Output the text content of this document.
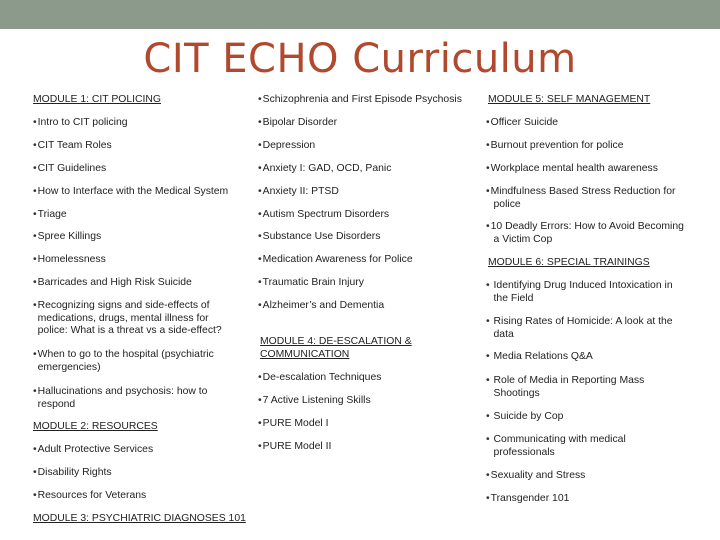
CIT ECHO Curriculum
MODULE 1: CIT POLICING
• Intro to CIT policing
• CIT Team Roles
• CIT Guidelines
• How to Interface with the Medical System
• Triage
• Spree Killings
• Homelessness
• Barricades and High Risk Suicide
• Recognizing signs and side-effects of
medications, drugs, mental illness for
police: What is a threat vs a side-effect?
• When to go to the hospital (psychiatric
emergencies)
• Hallucinations and psychosis: how to
respond
MODULE 2: RESOURCES
• Adult Protective Services
• Disability Rights
• Resources for Veterans
MODULE 3: PSYCHIATRIC DIAGNOSES 101
• Schizophrenia and First Episode Psychosis
• Bipolar Disorder
• Depression
• Anxiety I: GAD, OCD, Panic
• Anxiety II: PTSD
• Autism Spectrum Disorders
• Substance Use Disorders
• Medication Awareness for Police
• Traumatic Brain Injury
• Alzheimer’s and Dementia
MODULE 4: DE-ESCALATION &
COMMUNICATION
• De-escalation Techniques
• 7 Active Listening Skills
• PURE Model I
• PURE Model II
MODULE 5: SELF MANAGEMENT
• Officer Suicide
• Burnout prevention for police
• Workplace mental health awareness
• Mindfulness Based Stress Reduction for
police
• 10 Deadly Errors: How to Avoid Becoming
a Victim Cop
MODULE 6: SPECIAL TRAININGS
•  Identifying Drug Induced Intoxication in
the Field
•  Rising Rates of Homicide: A look at the
data
• Media Relations Q&A
•  Role of Media in Reporting Mass
Shootings
• Suicide by Cop
•  Communicating with medical
professionals
• Sexuality and Stress
• Transgender 101
